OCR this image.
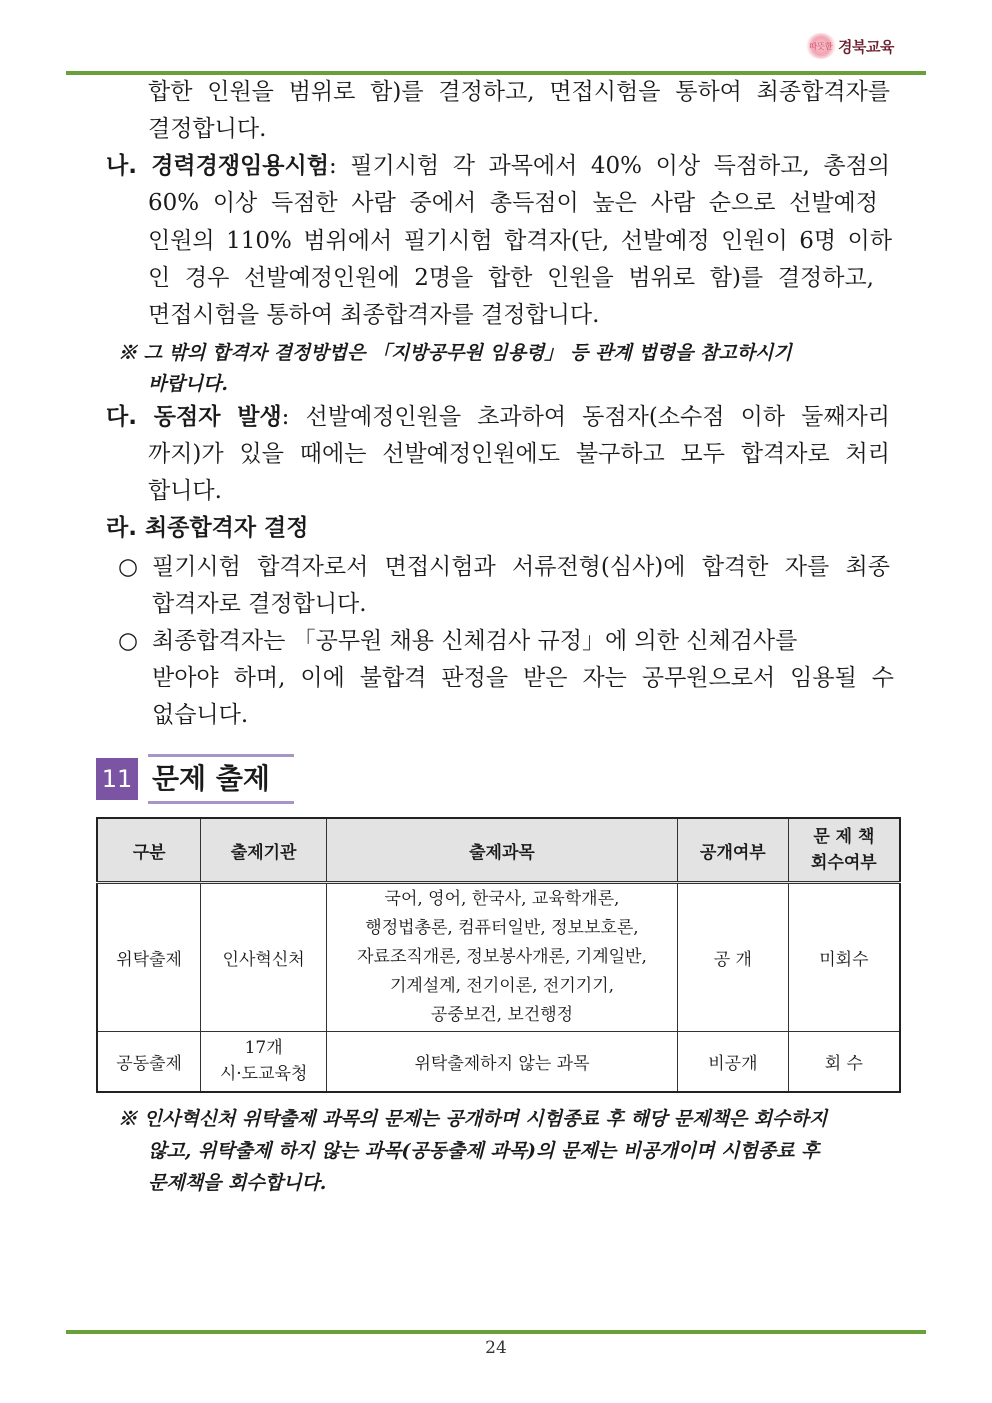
따뜻한 경북교육
합한 인원을 범위로 함)를 결정하고, 면접시험을 통하여 최종합격자를
결정합니다.
나. 경력경쟁임용시험: 필기시험 각 과목에서 40% 이상 득점하고, 총점의
60% 이상 득점한 사람 중에서 총득점이 높은 사람 순으로 선발예정
인원의 110% 범위에서 필기시험 합격자(단, 선발예정 인원이 6명 이하
인 경우 선발예정인원에 2명을 합한 인원을 범위로 함)를 결정하고,
면접시험을 통하여 최종합격자를 결정합니다.
※ 그 밖의 합격자 결정방법은 「지방공무원 임용령」 등 관계 법령을 참고하시기
바랍니다.
다. 동점자 발생: 선발예정인원을 초과하여 동점자(소수점 이하 둘째자리
까지)가 있을 때에는 선발예정인원에도 불구하고 모두 합격자로 처리
합니다.
라. 최종합격자 결정
○ 필기시험 합격자로서 면접시험과 서류전형(심사)에 합격한 자를 최종
합격자로 결정합니다.
○ 최종합격자는 「공무원 채용 신체검사 규정」에 의한 신체검사를
받아야 하며, 이에 불합격 판정을 받은 자는 공무원으로서 임용될 수
없습니다.
11 문제 출제
구분	출제기관	출제과목	공개여부	문 제 책
회수여부

위탁출제	인사혁신처	국어, 영어, 한국사, 교육학개론,
행정법총론, 컴퓨터일반, 정보보호론,
자료조직개론, 정보봉사개론, 기계일반,
기계설계, 전기이론, 전기기기,
공중보건, 보건행정	공 개	미회수
공동출제	17개
시·도교육청	위탁출제하지 않는 과목	비공개	회 수
※ 인사혁신처 위탁출제 과목의 문제는 공개하며 시험종료 후 해당 문제책은 회수하지
않고, 위탁출제 하지 않는 과목(공동출제 과목)의 문제는 비공개이며 시험종료 후
문제책을 회수합니다.
24
